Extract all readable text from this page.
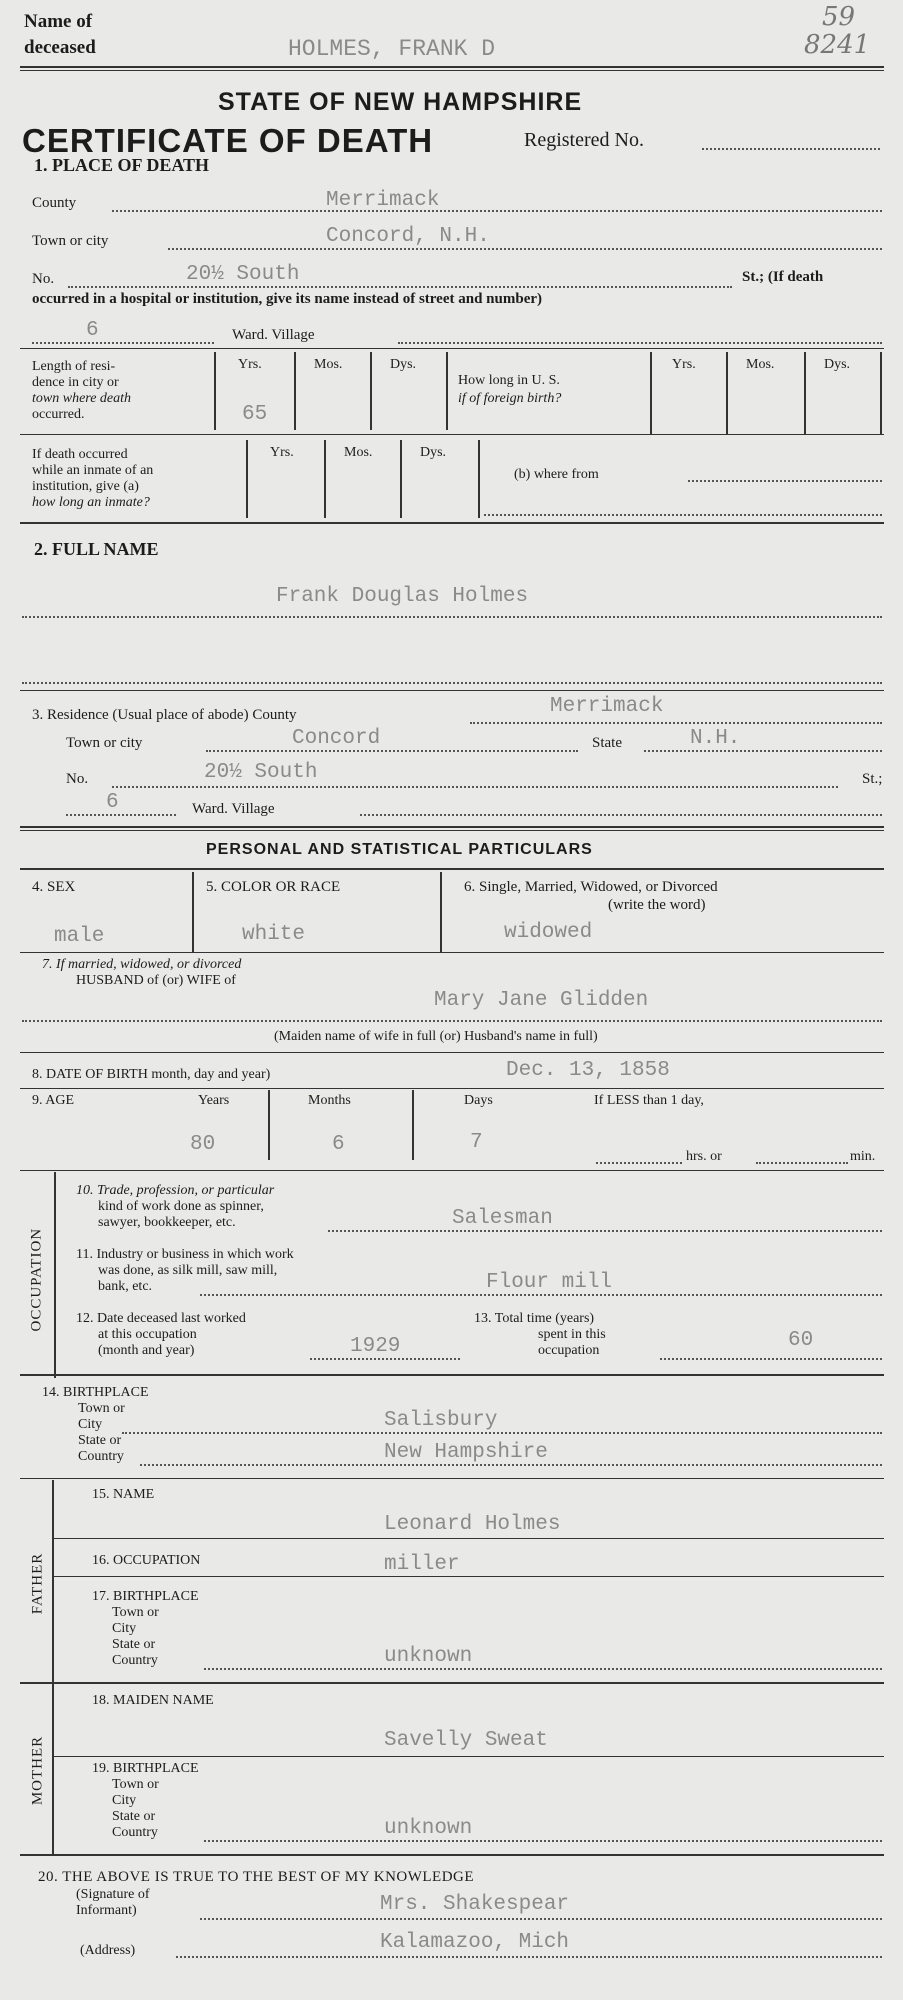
Name of
deceased	HOLMES, FRANK D
59
8241
STATE OF NEW HAMPSHIRE
CERTIFICATE OF DEATH	Registered No.
1. PLACE OF DEATH
County	Merrimack
Town or city	Concord, N.H.
No.	20½ South	St.; (If death
occurred in a hospital or institution, give its name instead of street and number)
6	Ward. Village
Length of resi-
dence in city or
town where death
occurred.
Yrs.	Mos.	Dys.
65
How long in U. S.
if of foreign birth?
Yrs.	Mos.	Dys.
If death occurred
while an inmate of an
institution, give (a)
how long an inmate?
Yrs.	Mos.	Dys.
(b) where from
2. FULL NAME
Frank Douglas Holmes
3. Residence (Usual place of abode) County	Merrimack
Town or city	Concord	State	N.H.
No.	20½ South	St.;
6	Ward. Village
PERSONAL AND STATISTICAL PARTICULARS
4. SEX
male
5. COLOR OR RACE
white
6. Single, Married, Widowed, or Divorced
(write the word)
widowed
7. If married, widowed, or divorced
HUSBAND of (or) WIFE of
Mary Jane Glidden
(Maiden name of wife in full (or) Husband's name in full)
8. DATE OF BIRTH month, day and year)	Dec. 13, 1858
9. AGE	Years	Months	Days	If LESS than 1 day,
80	6	7
hrs. or	min.
OCCUPATION
10. Trade, profession, or particular
kind of work done as spinner,
sawyer, bookkeeper, etc.	Salesman
11. Industry or business in which work
was done, as silk mill, saw mill,
bank, etc.	Flour mill
12. Date deceased last worked
at this occupation
(month and year)	1929
13. Total time (years)
spent in this
occupation	60
14. BIRTHPLACE
Town or
City
State or
Country
Salisbury
New Hampshire
FATHER
15. NAME
Leonard Holmes
16. OCCUPATION	miller
17. BIRTHPLACE
Town or
City
State or
Country	unknown
MOTHER
18. MAIDEN NAME
Savelly Sweat
19. BIRTHPLACE
Town or
City
State or
Country	unknown
20. THE ABOVE IS TRUE TO THE BEST OF MY KNOWLEDGE
(Signature of
Informant)	Mrs. Shakespear
(Address)	Kalamazoo, Mich
